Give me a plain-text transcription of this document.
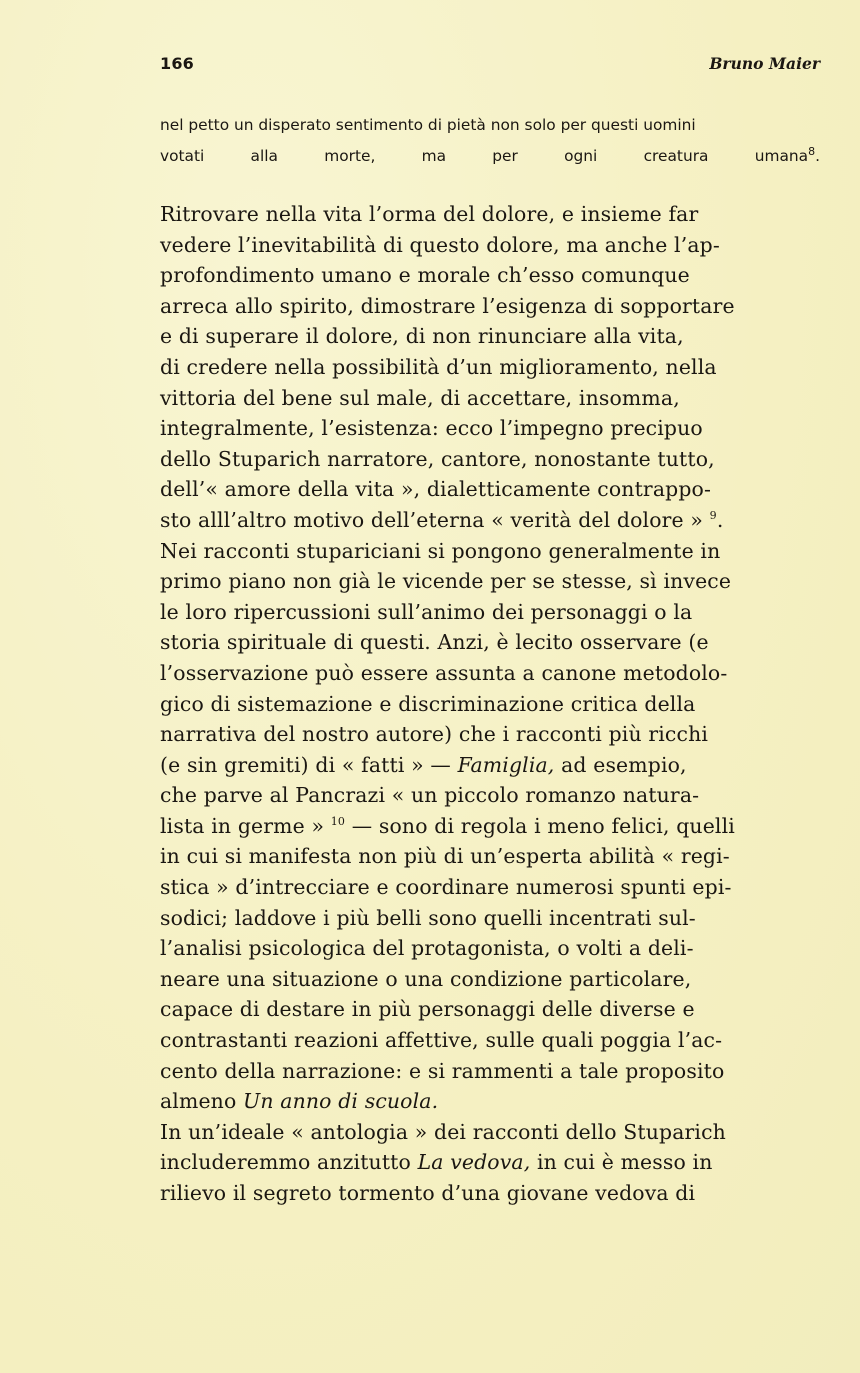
166	Bruno Maier
nel petto un disperato sentimento di pietà non solo per questi uomini
votati alla morte, ma per ogni creatura umana$^8$.
Ritrovare nella vita l’orma del dolore, e insieme far
vedere l’inevitabilità di questo dolore, ma anche l’ap-
profondimento umano e morale ch’esso comunque
arreca allo spirito, dimostrare l’esigenza di sopportare
e di superare il dolore, di non rinunciare alla vita,
di credere nella possibilità d’un miglioramento, nella
vittoria del bene sul male, di accettare, insomma,
integralmente, l’esistenza: ecco l’impegno precipuo
dello Stuparich narratore, cantore, nonostante tutto,
dell’« amore della vita », dialetticamente contrappo-
sto alll’altro motivo dell’eterna « verità del dolore » $^9$.
Nei racconti stupariciani si pongono generalmente in
primo piano non già le vicende per se stesse, sì invece
le loro ripercussioni sull’animo dei personaggi o la
storia spirituale di questi. Anzi, è lecito osservare (e
l’osservazione può essere assunta a canone metodolo-
gico di sistemazione e discriminazione critica della
narrativa del nostro autore) che i racconti più ricchi
(e sin gremiti) di « fatti » — Famiglia, ad esempio,
che parve al Pancrazi « un piccolo romanzo natura-
lista in germe » $^{10}$ — sono di regola i meno felici, quelli
in cui si manifesta non più di un’esperta abilità « regi-
stica » d’intrecciare e coordinare numerosi spunti epi-
sodici; laddove i più belli sono quelli incentrati sul-
l’analisi psicologica del protagonista, o volti a deli-
neare una situazione o una condizione particolare,
capace di destare in più personaggi delle diverse e
contrastanti reazioni affettive, sulle quali poggia l’ac-
cento della narrazione: e si rammenti a tale proposito
almeno Un anno di scuola.
In un’ideale « antologia » dei racconti dello Stuparich
includeremmo anzitutto La vedova, in cui è messo in
rilievo il segreto tormento d’una giovane vedova di
